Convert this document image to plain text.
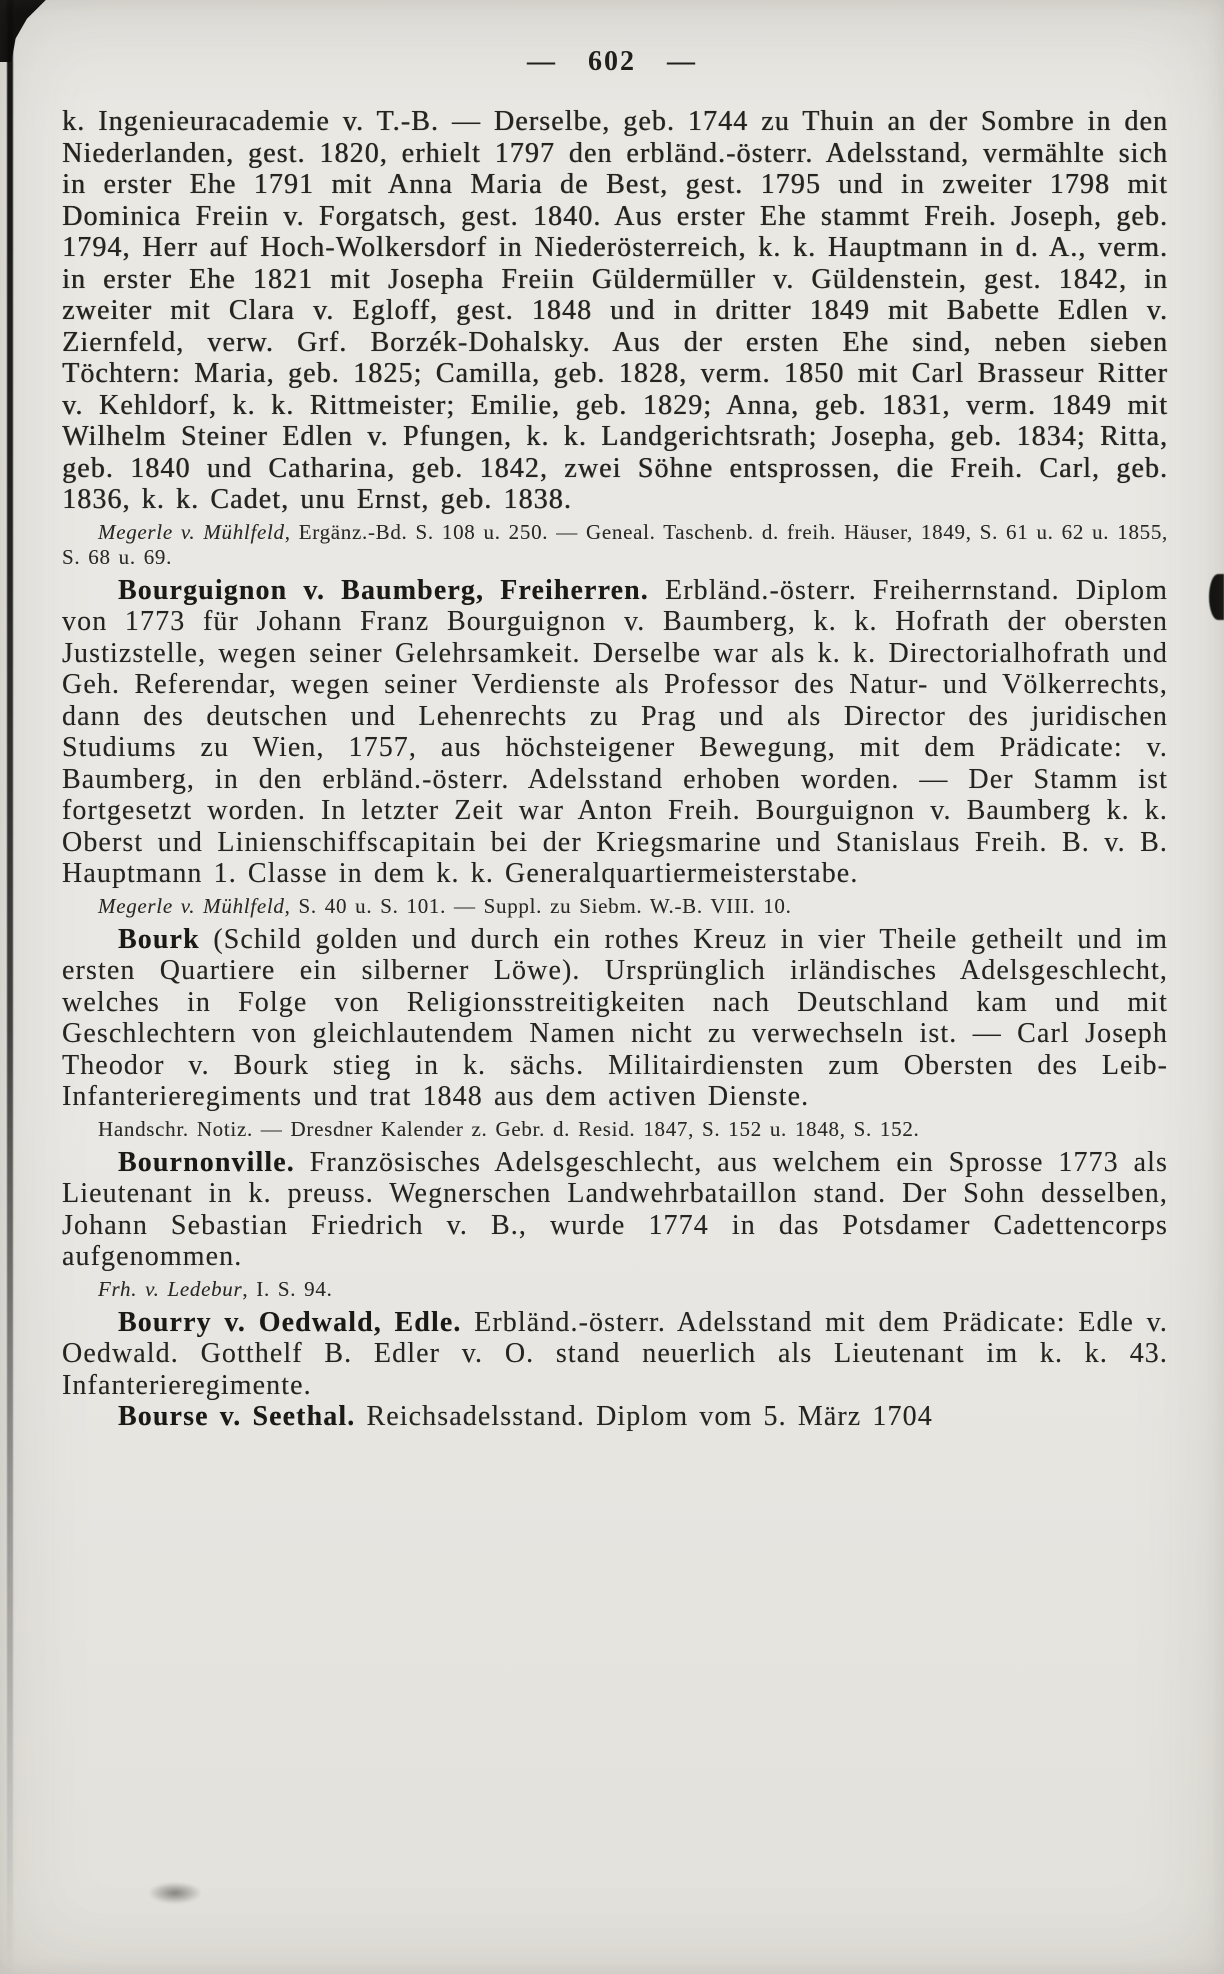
— 602 —

k. Ingenieuracademie v. T.-B. — Derselbe, geb. 1744 zu Thuin an der Sombre in den Niederlanden, gest. 1820, erhielt 1797 den erbländ.-österr. Adelsstand, vermählte sich in erster Ehe 1791 mit Anna Maria de Best, gest. 1795 und in zweiter 1798 mit Dominica Freiin v. Forgatsch, gest. 1840. Aus erster Ehe stammt Freih. Joseph, geb. 1794, Herr auf Hoch-Wolkersdorf in Niederösterreich, k. k. Hauptmann in d. A., verm. in erster Ehe 1821 mit Josepha Freiin Güldermüller v. Güldenstein, gest. 1842, in zweiter mit Clara v. Egloff, gest. 1848 und in dritter 1849 mit Babette Edlen v. Ziernfeld, verw. Grf. Borzék-Dohalsky. Aus der ersten Ehe sind, neben sieben Töchtern: Maria, geb. 1825; Camilla, geb. 1828, verm. 1850 mit Carl Brasseur Ritter v. Kehldorf, k. k. Rittmeister; Emilie, geb. 1829; Anna, geb. 1831, verm. 1849 mit Wilhelm Steiner Edlen v. Pfungen, k. k. Landgerichtsrath; Josepha, geb. 1834; Ritta, geb. 1840 und Catharina, geb. 1842, zwei Söhne entsprossen, die Freih. Carl, geb. 1836, k. k. Cadet, unu Ernst, geb. 1838.

Megerle v. Mühlfeld, Ergänz.-Bd. S. 108 u. 250. — Geneal. Taschenb. d. freih. Häuser, 1849, S. 61 u. 62 u. 1855, S. 68 u. 69.

Bourguignon v. Baumberg, Freiherren. Erbländ.-österr. Freiherrnstand. Diplom von 1773 für Johann Franz Bourguignon v. Baumberg, k. k. Hofrath der obersten Justizstelle, wegen seiner Gelehrsamkeit. Derselbe war als k. k. Directorialhofrath und Geh. Referendar, wegen seiner Verdienste als Professor des Natur- und Völkerrechts, dann des deutschen und Lehenrechts zu Prag und als Director des juridischen Studiums zu Wien, 1757, aus höchsteigener Bewegung, mit dem Prädicate: v. Baumberg, in den erbländ.-österr. Adelsstand erhoben worden. — Der Stamm ist fortgesetzt worden. In letzter Zeit war Anton Freih. Bourguignon v. Baumberg k. k. Oberst und Linienschiffscapitain bei der Kriegsmarine und Stanislaus Freih. B. v. B. Hauptmann 1. Classe in dem k. k. Generalquartiermeisterstabe.

Megerle v. Mühlfeld, S. 40 u. S. 101. — Suppl. zu Siebm. W.-B. VIII. 10.

Bourk (Schild golden und durch ein rothes Kreuz in vier Theile getheilt und im ersten Quartiere ein silberner Löwe). Ursprünglich irländisches Adelsgeschlecht, welches in Folge von Religionsstreitigkeiten nach Deutschland kam und mit Geschlechtern von gleichlautendem Namen nicht zu verwechseln ist. — Carl Joseph Theodor v. Bourk stieg in k. sächs. Militairdiensten zum Obersten des Leib-Infanterieregiments und trat 1848 aus dem activen Dienste.

Handschr. Notiz. — Dresdner Kalender z. Gebr. d. Resid. 1847, S. 152 u. 1848, S. 152.

Bournonville. Französisches Adelsgeschlecht, aus welchem ein Sprosse 1773 als Lieutenant in k. preuss. Wegnerschen Landwehrbataillon stand. Der Sohn desselben, Johann Sebastian Friedrich v. B., wurde 1774 in das Potsdamer Cadettencorps aufgenommen.

Frh. v. Ledebur, I. S. 94.

Bourry v. Oedwald, Edle. Erbländ.-österr. Adelsstand mit dem Prädicate: Edle v. Oedwald. Gotthelf B. Edler v. O. stand neuerlich als Lieutenant im k. k. 43. Infanterieregimente.

Bourse v. Seethal. Reichsadelsstand. Diplom vom 5. März 1704
